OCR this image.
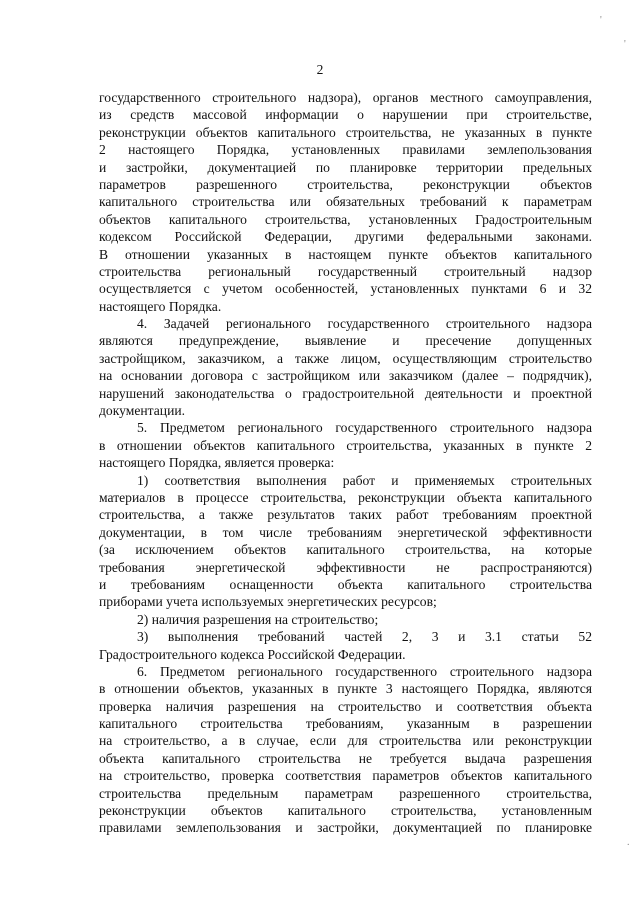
'
'
.
2
государственного строительного надзора), органов местного самоуправления,
из средств массовой информации о нарушении при строительстве,
реконструкции объектов капитального строительства, не указанных в пункте
2 настоящего Порядка, установленных правилами землепользования
и застройки, документацией по планировке территории предельных
параметров разрешенного строительства, реконструкции объектов
капитального строительства или обязательных требований к параметрам
объектов капитального строительства, установленных Градостроительным
кодексом Российской Федерации, другими федеральными законами.
В отношении указанных в настоящем пункте объектов капитального
строительства региональный государственный строительный надзор
осуществляется с учетом особенностей, установленных пунктами 6 и 32
настоящего Порядка.
4. Задачей регионального государственного строительного надзора
являются предупреждение, выявление и пресечение допущенных
застройщиком, заказчиком, а также лицом, осуществляющим строительство
на основании договора с застройщиком или заказчиком (далее – подрядчик),
нарушений законодательства о градостроительной деятельности и проектной
документации.
5. Предметом регионального государственного строительного надзора
в отношении объектов капитального строительства, указанных в пункте 2
настоящего Порядка, является проверка:
1) соответствия выполнения работ и применяемых строительных
материалов в процессе строительства, реконструкции объекта капитального
строительства, а также результатов таких работ требованиям проектной
документации, в том числе требованиям энергетической эффективности
(за исключением объектов капитального строительства, на которые
требования энергетической эффективности не распространяются)
и требованиям оснащенности объекта капитального строительства
приборами учета используемых энергетических ресурсов;
2) наличия разрешения на строительство;
3) выполнения требований частей 2, 3 и 3.1 статьи 52
Градостроительного кодекса Российской Федерации.
6. Предметом регионального государственного строительного надзора
в отношении объектов, указанных в пункте 3 настоящего Порядка, являются
проверка наличия разрешения на строительство и соответствия объекта
капитального строительства требованиям, указанным в разрешении
на строительство, а в случае, если для строительства или реконструкции
объекта капитального строительства не требуется выдача разрешения
на строительство, проверка соответствия параметров объектов капитального
строительства предельным параметрам разрешенного строительства,
реконструкции объектов капитального строительства, установленным
правилами землепользования и застройки, документацией по планировке
